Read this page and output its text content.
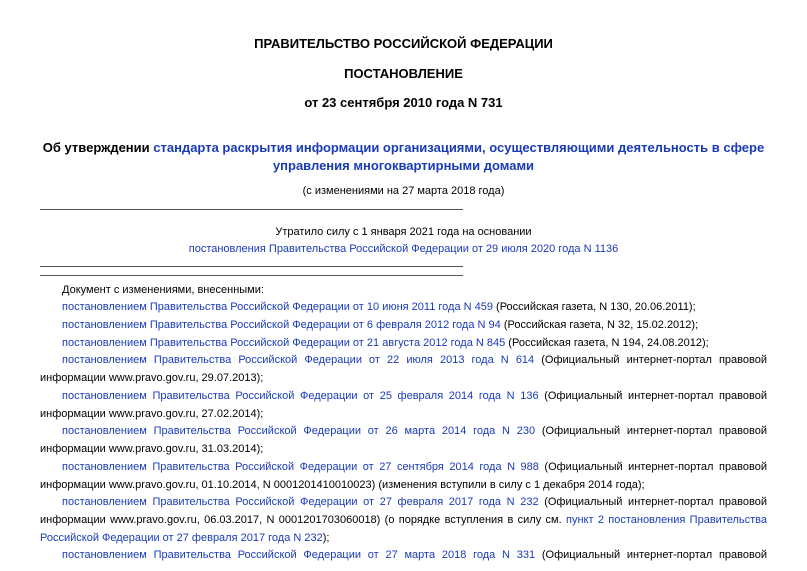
ПРАВИТЕЛЬСТВО РОССИЙСКОЙ ФЕДЕРАЦИИ
ПОСТАНОВЛЕНИЕ
от 23 сентября 2010 года N 731
Об утверждении стандарта раскрытия информации организациями, осуществляющими деятельность в сфере управления многоквартирными домами
(с изменениями на 27 марта 2018 года)
Утратило силу с 1 января 2021 года на основании
постановления Правительства Российской Федерации от 29 июля 2020 года N 1136
Документ с изменениями, внесенными:
постановлением Правительства Российской Федерации от 10 июня 2011 года N 459 (Российская газета, N 130, 20.06.2011);
постановлением Правительства Российской Федерации от 6 февраля 2012 года N 94 (Российская газета, N 32, 15.02.2012);
постановлением Правительства Российской Федерации от 21 августа 2012 года N 845 (Российская газета, N 194, 24.08.2012);
постановлением Правительства Российской Федерации от 22 июля 2013 года N 614 (Официальный интернет-портал правовой информации www.pravo.gov.ru, 29.07.2013);
постановлением Правительства Российской Федерации от 25 февраля 2014 года N 136 (Официальный интернет-портал правовой информации www.pravo.gov.ru, 27.02.2014);
постановлением Правительства Российской Федерации от 26 марта 2014 года N 230 (Официальный интернет-портал правовой информации www.pravo.gov.ru, 31.03.2014);
постановлением Правительства Российской Федерации от 27 сентября 2014 года N 988 (Официальный интернет-портал правовой информации www.pravo.gov.ru, 01.10.2014, N 0001201410010023) (изменения вступили в силу с 1 декабря 2014 года);
постановлением Правительства Российской Федерации от 27 февраля 2017 года N 232 (Официальный интернет-портал правовой информации www.pravo.gov.ru, 06.03.2017, N 0001201703060018) (о порядке вступления в силу см. пункт 2 постановления Правительства Российской Федерации от 27 февраля 2017 года N 232);
постановлением Правительства Российской Федерации от 27 марта 2018 года N 331 (Официальный интернет-портал правовой
